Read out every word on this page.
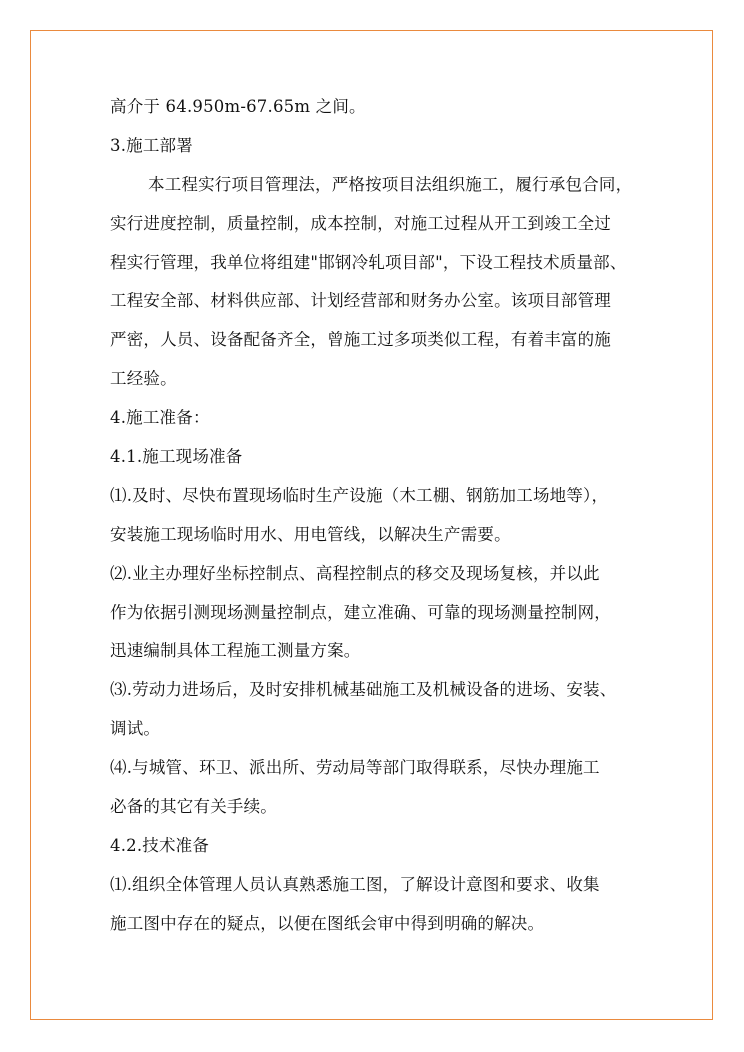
高介于 64.950m-67.65m 之间。
3.施工部署
本工程实行项目管理法，严格按项目法组织施工，履行承包合同，
实行进度控制，质量控制，成本控制，对施工过程从开工到竣工全过
程实行管理，我单位将组建"邯钢冷轧项目部"，下设工程技术质量部、
工程安全部、材料供应部、计划经营部和财务办公室。该项目部管理
严密，人员、设备配备齐全，曾施工过多项类似工程，有着丰富的施
工经验。
4.施工准备：
4.1.施工现场准备
⑴.及时、尽快布置现场临时生产设施（木工棚、钢筋加工场地等），
安装施工现场临时用水、用电管线，以解决生产需要。
⑵.业主办理好坐标控制点、高程控制点的移交及现场复核，并以此
作为依据引测现场测量控制点，建立准确、可靠的现场测量控制网，
迅速编制具体工程施工测量方案。
⑶.劳动力进场后，及时安排机械基础施工及机械设备的进场、安装、
调试。
⑷.与城管、环卫、派出所、劳动局等部门取得联系，尽快办理施工
必备的其它有关手续。
4.2.技术准备
⑴.组织全体管理人员认真熟悉施工图，了解设计意图和要求、收集
施工图中存在的疑点，以便在图纸会审中得到明确的解决。
